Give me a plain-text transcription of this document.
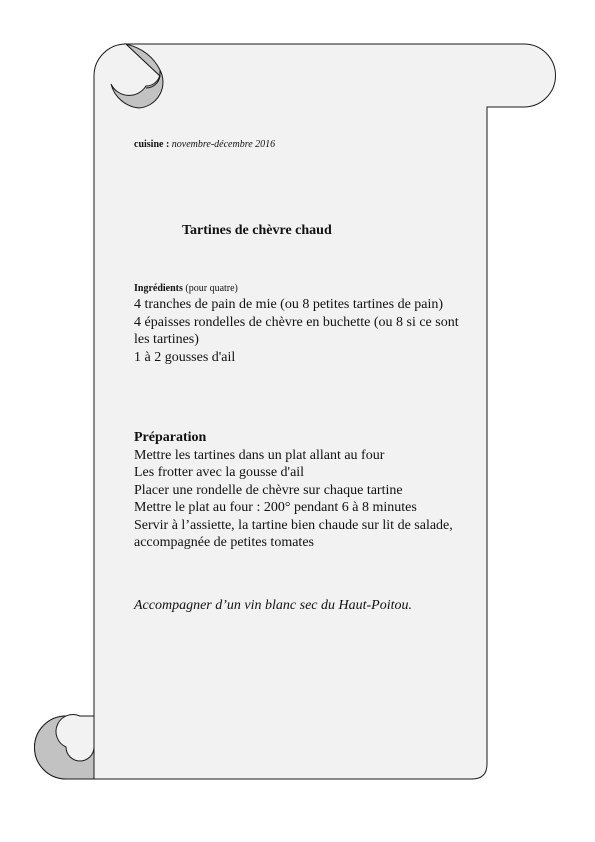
cuisine : novembre-décembre 2016

Tartines de chèvre chaud

Ingrédients (pour quatre)

4 tranches de pain de mie (ou 8 petites tartines de pain)

4 épaisses rondelles de chèvre en buchette (ou 8 si ce sont les tartines)

1 à 2 gousses d'ail

Préparation

Mettre les tartines dans un plat allant au four

Les frotter avec la gousse d'ail

Placer une rondelle de chèvre sur chaque tartine

Mettre le plat au four : 200° pendant 6 à 8 minutes

Servir à l’assiette, la tartine bien chaude sur lit de salade, accompagnée de petites tomates

Accompagner d’un vin blanc sec du Haut-Poitou.
